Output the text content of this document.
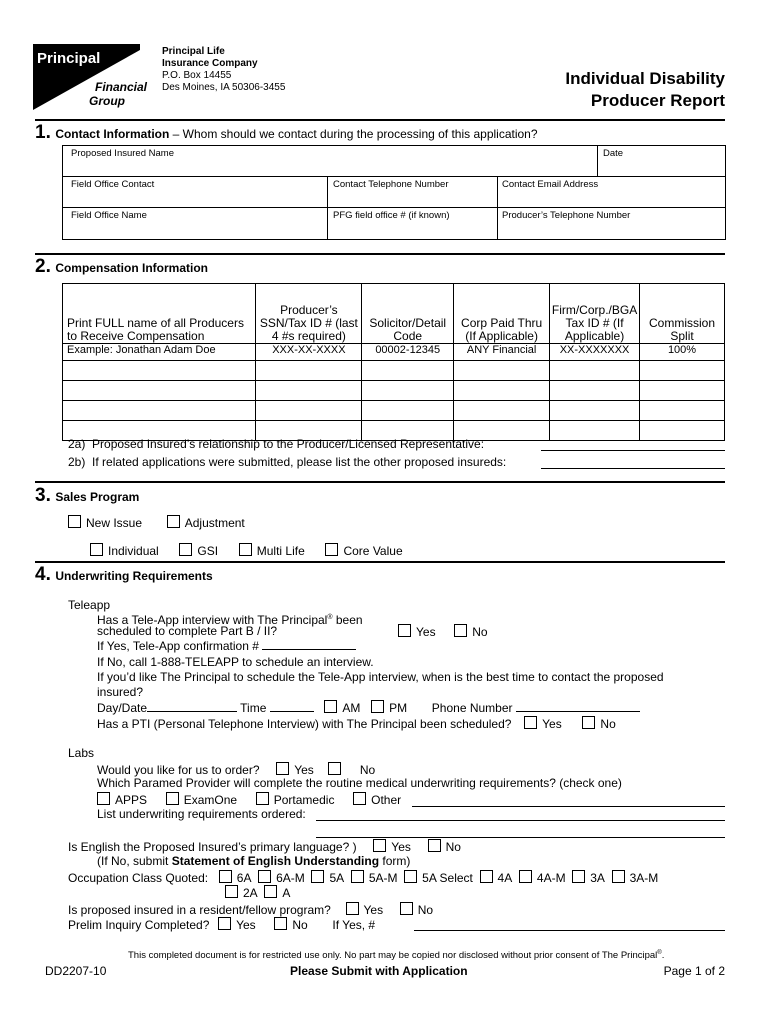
Principal
Financial
Group
Principal Life
Insurance Company
P.O. Box 14455
Des Moines, IA 50306-3455	Individual Disability
Producer Report
1. Contact Information – Whom should we contact during the processing of this application?
Proposed Insured Name	Date
Field Office Contact	Contact Telephone Number	Contact Email Address
Field Office Name	PFG field office # (if known)	Producer’s Telephone Number
2. Compensation Information
Print FULL name of all Producers to Receive Compensation	Producer’s SSN/Tax ID # (last 4 #s required)	Solicitor/Detail Code	Corp Paid Thru (If Applicable)	Firm/Corp./BGA Tax ID # (If Applicable)	Commission Split
Example: Jonathan Adam Doe	XXX-XX-XXXX	00002-12345	ANY Financial	XX-XXXXXXX	100%

2a) Proposed Insured’s relationship to the Producer/Licensed Representative:
2b) If related applications were submitted, please list the other proposed insureds:
3. Sales Program
New Issue	Adjustment
Individual	GSI	Multi Life	Core Value
4. Underwriting Requirements
Teleapp
Has a Tele-App interview with The Principal® been
scheduled to complete Part B / II?	Yes	No
If Yes, Tele-App confirmation #
If No, call 1-888-TELEAPP to schedule an interview.
If you’d like The Principal to schedule the Tele-App interview, when is the best time to contact the proposed
insured?
Day/Date	Time	AM PM Phone Number
Has a PTI (Personal Telephone Interview) with The Principal been scheduled?	Yes	No
Labs
Would you like for us to order?	Yes	No
Which Paramed Provider will complete the routine medical underwriting requirements? (check one)
APPS	ExamOne	Portamedic	Other
List underwriting requirements ordered:
Is English the Proposed Insured’s primary language? )	Yes	No
(If No, submit Statement of English Understanding form)
Occupation Class Quoted: 6A 6A-M 5A 5A-M 5A Select 4A 4A-M 3A 3A-M
2A A
Is proposed insured in a resident/fellow program?	Yes	No
Prelim Inquiry Completed? Yes	No If Yes, #
This completed document is for restricted use only. No part may be copied nor disclosed without prior consent of The Principal®.
DD2207-10	Please Submit with Application	Page 1 of 2
